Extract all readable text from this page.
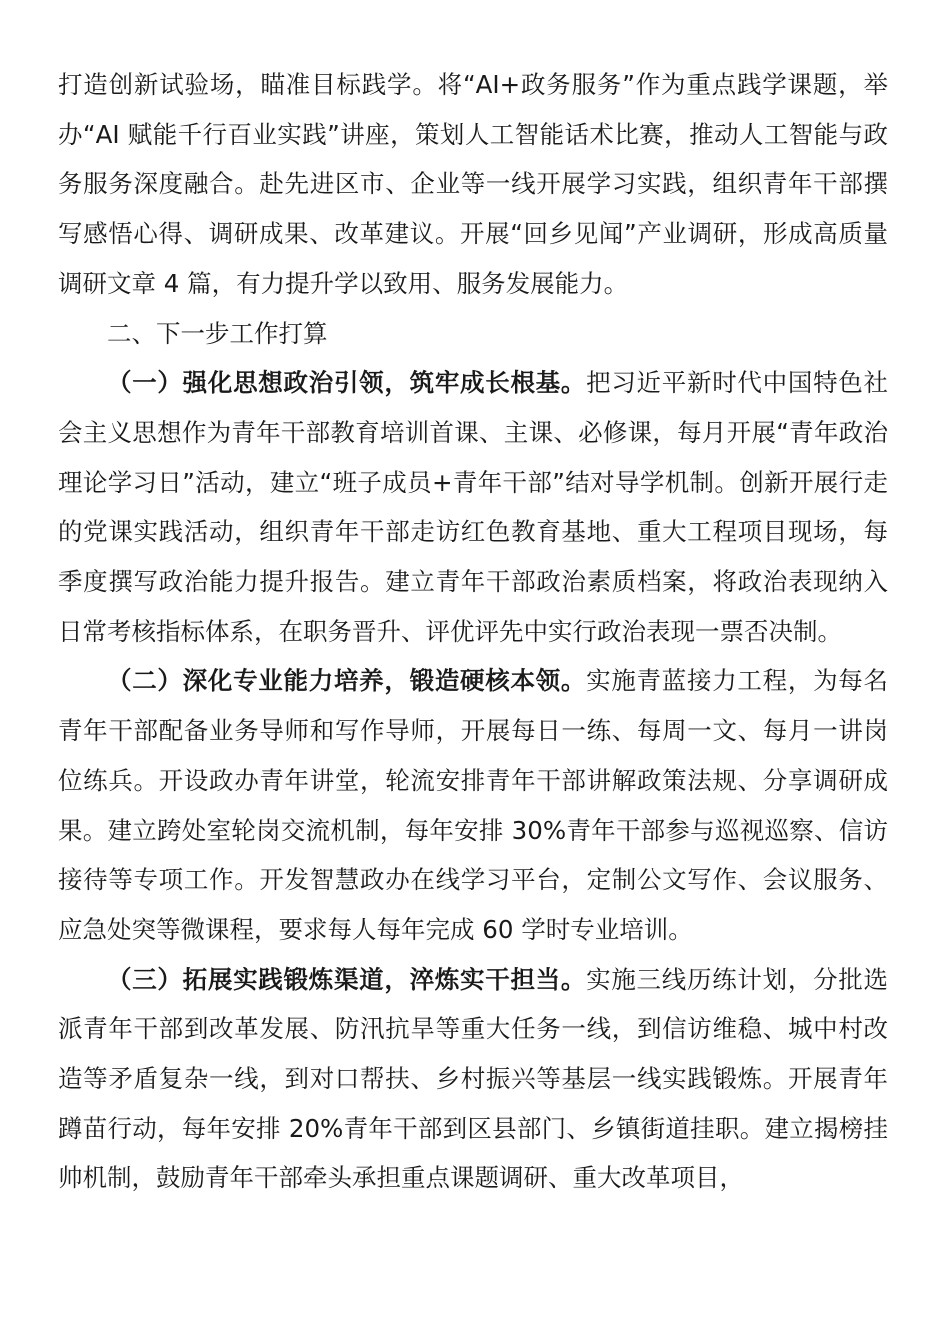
打造创新试验场，瞄准目标践学。将“AI+政务服务”作为重点践学课题，举办“AI 赋能千行百业实践”讲座，策划人工智能话术比赛，推动人工智能与政务服务深度融合。赴先进区市、企业等一线开展学习实践，组织青年干部撰写感悟心得、调研成果、改革建议。开展“回乡见闻”产业调研，形成高质量调研文章 4 篇，有力提升学以致用、服务发展能力。

二、下一步工作打算

（一）强化思想政治引领，筑牢成长根基。把习近平新时代中国特色社会主义思想作为青年干部教育培训首课、主课、必修课，每月开展“青年政治理论学习日”活动，建立“班子成员+青年干部”结对导学机制。创新开展行走的党课实践活动，组织青年干部走访红色教育基地、重大工程项目现场，每季度撰写政治能力提升报告。建立青年干部政治素质档案，将政治表现纳入日常考核指标体系，在职务晋升、评优评先中实行政治表现一票否决制。

（二）深化专业能力培养，锻造硬核本领。实施青蓝接力工程，为每名青年干部配备业务导师和写作导师，开展每日一练、每周一文、每月一讲岗位练兵。开设政办青年讲堂，轮流安排青年干部讲解政策法规、分享调研成果。建立跨处室轮岗交流机制，每年安排 30%青年干部参与巡视巡察、信访接待等专项工作。开发智慧政办在线学习平台，定制公文写作、会议服务、应急处突等微课程，要求每人每年完成 60 学时专业培训。

（三）拓展实践锻炼渠道，淬炼实干担当。实施三线历练计划，分批选派青年干部到改革发展、防汛抗旱等重大任务一线，到信访维稳、城中村改造等矛盾复杂一线，到对口帮扶、乡村振兴等基层一线实践锻炼。开展青年蹲苗行动，每年安排 20%青年干部到区县部门、乡镇街道挂职。建立揭榜挂帅机制，鼓励青年干部牵头承担重点课题调研、重大改革项目，
